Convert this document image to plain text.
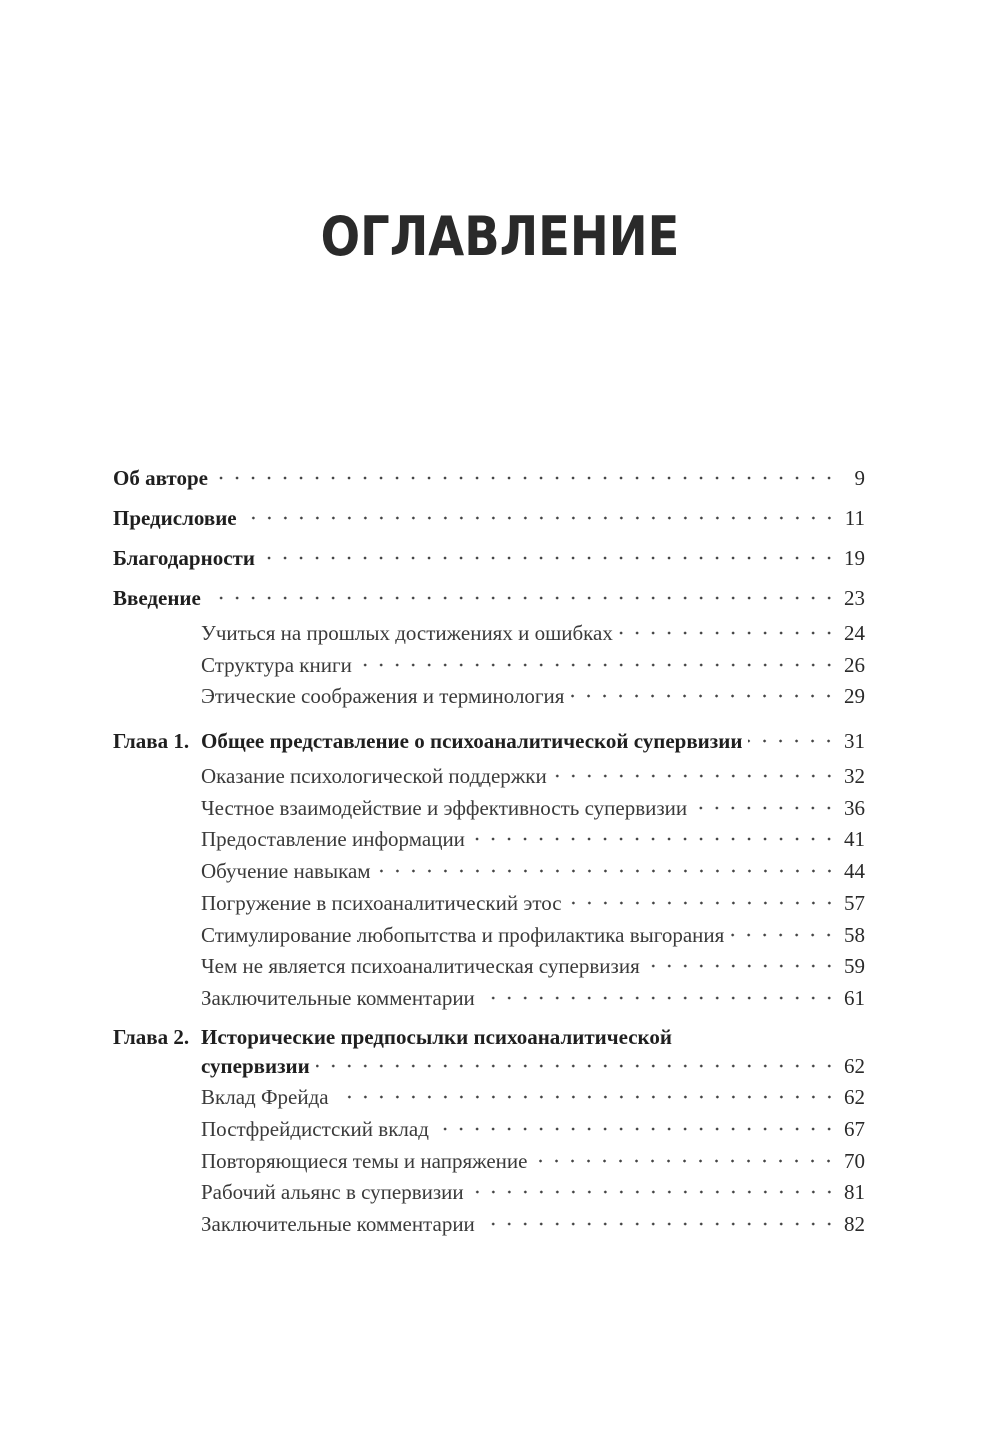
ОГЛАВЛЕНИЕ
Об авторе	9
Предисловие	11
Благодарности	19
Введение	23
Учиться на прошлых достижениях и ошибках	24
Структура книги	26
Этические соображения и терминология	29
Глава 1. Общее представление о психоаналитической супервизии	31
Оказание психологической поддержки	32
Честное взаимодействие и эффективность супервизии	36
Предоставление информации	41
Обучение навыкам	44
Погружение в психоаналитический этос	57
Стимулирование любопытства и профилактика выгорания	58
Чем не является психоаналитическая супервизия	59
Заключительные комментарии	61
Глава 2. Исторические предпосылки психоаналитической
супервизии	62
Вклад Фрейда	62
Постфрейдистский вклад	67
Повторяющиеся темы и напряжение	70
Рабочий альянс в супервизии	81
Заключительные комментарии	82
